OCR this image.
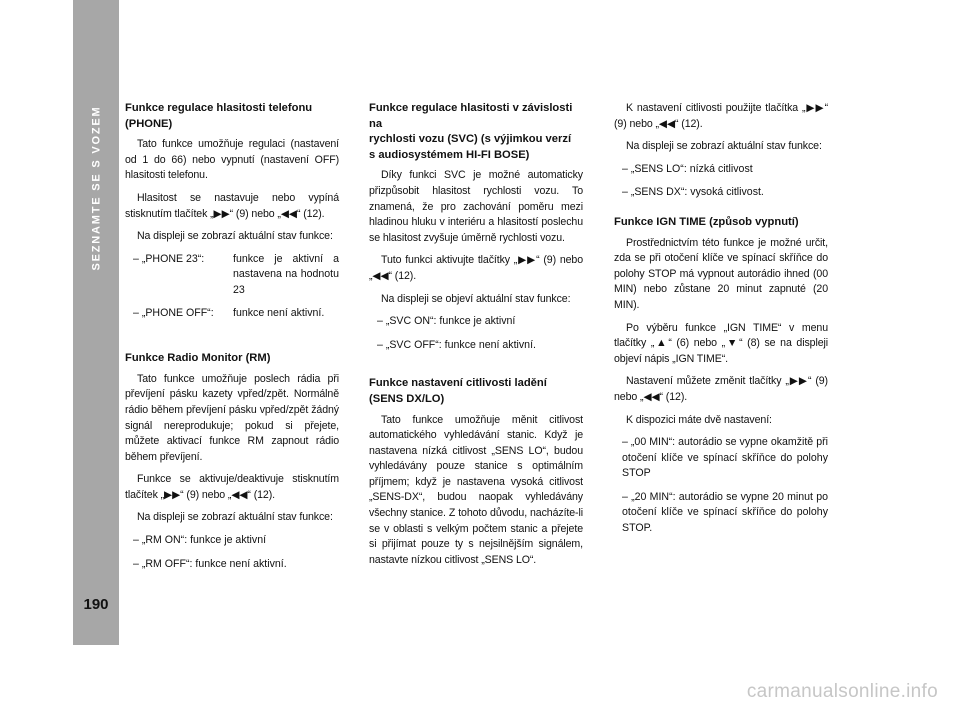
SEZNAMTE SE S VOZEM
190
Funkce regulace hlasitosti telefonu
(PHONE)

Tato funkce umožňuje regulaci (nastavení od 1 do 66) nebo vypnutí (nastavení OFF) hlasitosti telefonu.

Hlasitost se nastavuje nebo vypíná stisknutím tlačítek „▶▶“ (9) nebo „◀◀“ (12).

Na displeji se zobrazí aktuální stav funkce:

– „PHONE 23“:	funkce je aktivní a nastavena na hodnotu 23
– „PHONE OFF“:	funkce není aktivní.
Funkce Radio Monitor (RM)

Tato funkce umožňuje poslech rádia při převíjení pásku kazety vpřed/zpět. Normálně rádio během převíjení pásku vpřed/zpět žádný signál nereprodukuje; pokud si přejete, můžete aktivací funkce RM zapnout rádio během převíjení.

Funkce se aktivuje/deaktivuje stisknutím tlačítek „▶▶“ (9) nebo „◀◀“ (12).

Na displeji se zobrazí aktuální stav funkce:

– „RM ON“: funkce je aktivní
– „RM OFF“: funkce není aktivní.
Funkce regulace hlasitosti v závislosti na
rychlosti vozu (SVC) (s výjimkou verzí
s audiosystémem HI-FI BOSE)

Díky funkci SVC je možné automaticky přizpůsobit hlasitost rychlosti vozu. To znamená, že pro zachování poměru mezi hladinou hluku v interiéru a hlasitostí poslechu se hlasitost zvyšuje úměrně rychlosti vozu.

Tuto funkci aktivujte tlačítky „▶▶“ (9) nebo „◀◀“ (12).

Na displeji se objeví aktuální stav funkce:

– „SVC ON“: funkce je aktivní
– „SVC OFF“: funkce není aktivní.
Funkce nastavení citlivosti ladění
(SENS DX/LO)

Tato funkce umožňuje měnit citlivost automatického vyhledávání stanic. Když je nastavena nízká citlivost „SENS LO“, budou vyhledávány pouze stanice s optimálním příjmem; když je nastavena vysoká citlivost „SENS-DX“, budou naopak vyhledávány všechny stanice. Z tohoto důvodu, nacházíte-li se v oblasti s velkým počtem stanic a přejete si přijímat pouze ty s nejsilnějším signálem, nastavte nízkou citlivost „SENS LO“.

K nastavení citlivosti použijte tlačítka „▶▶“ (9) nebo „◀◀“ (12).

Na displeji se zobrazí aktuální stav funkce:

– „SENS LO“: nízká citlivost
– „SENS DX“: vysoká citlivost.
Funkce IGN TIME (způsob vypnutí)

Prostřednictvím této funkce je možné určit, zda se při otočení klíče ve spínací skříňce do polohy STOP má vypnout autorádio ihned (00 MIN) nebo zůstane 20 minut zapnuté (20 MIN).

Po výběru funkce „IGN TIME“ v menu tlačítky „▲“ (6) nebo „▼“ (8) se na displeji objeví nápis „IGN TIME“.

Nastavení můžete změnit tlačítky „▶▶“ (9) nebo „◀◀“ (12).

K dispozici máte dvě nastavení:

– „00 MIN“: autorádio se vypne okamžitě při otočení klíče ve spínací skříňce do polohy STOP
– „20 MIN“: autorádio se vypne 20 minut po otočení klíče ve spínací skříňce do polohy STOP.
carmanualsonline.info
